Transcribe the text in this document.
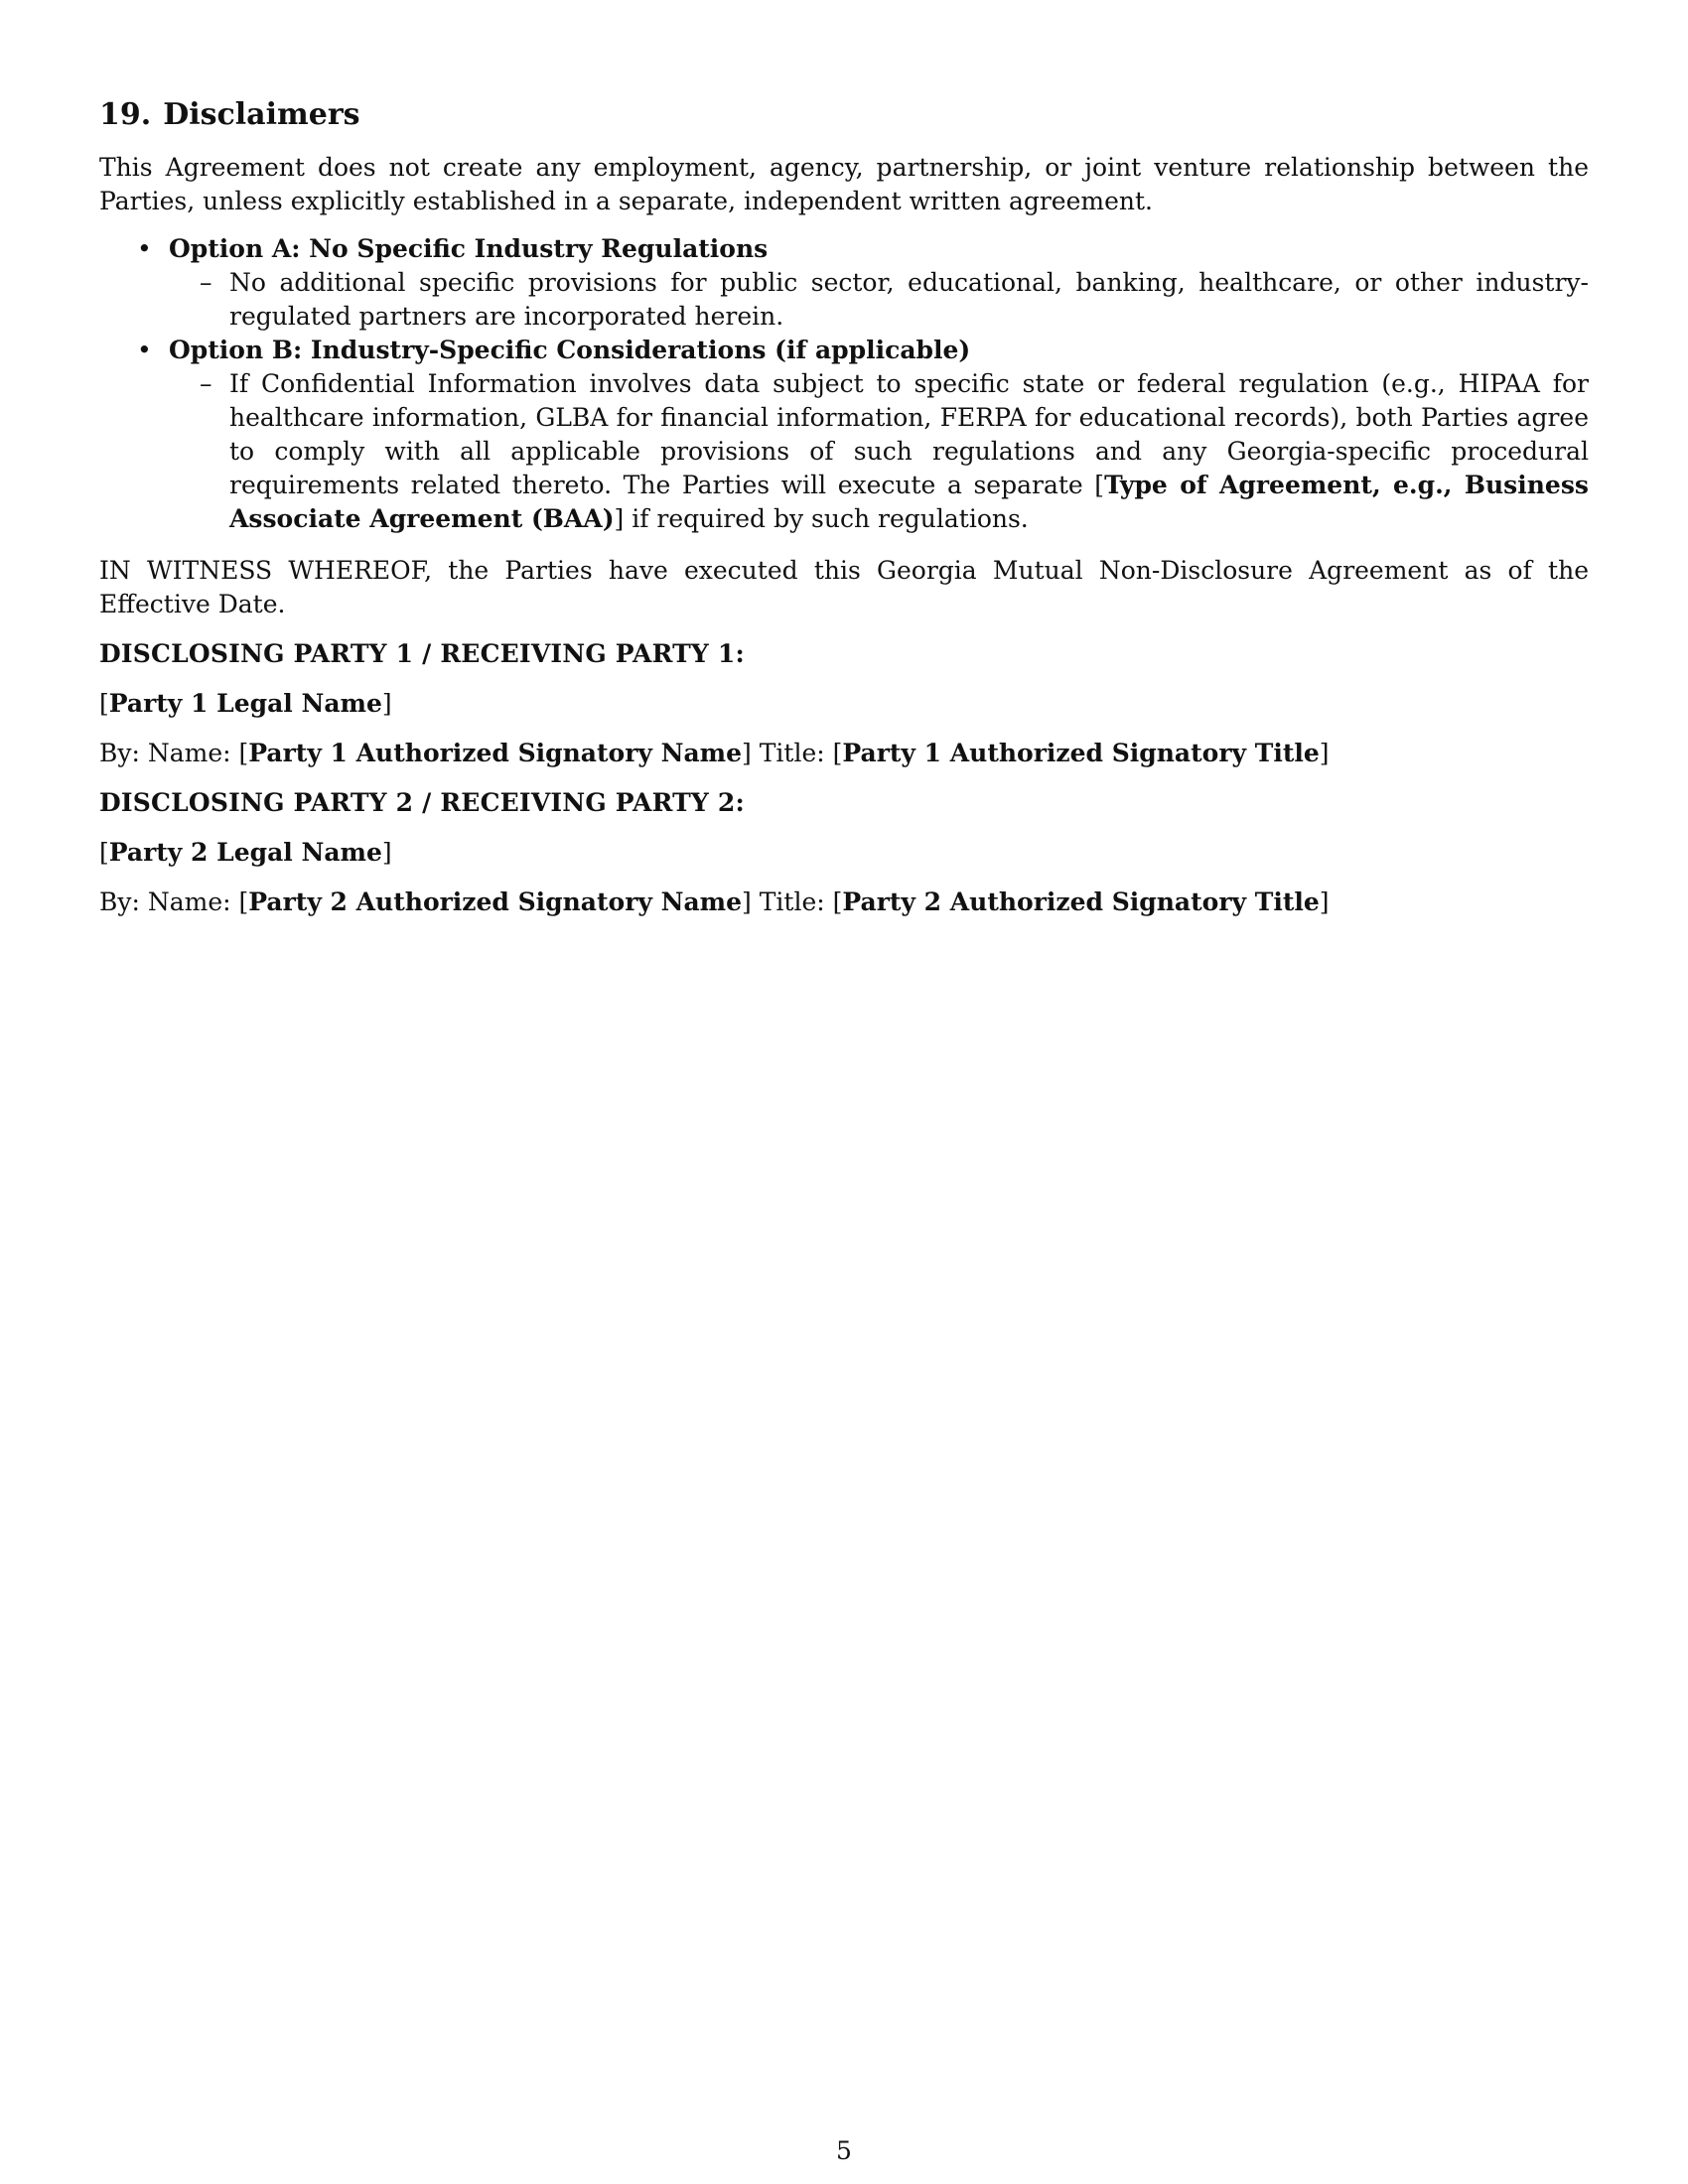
19. Disclaimers

This Agreement does not create any employment, agency, partnership, or joint venture relationship between the Parties, unless explicitly established in a separate, independent written agreement.

• Option A: No Specific Industry Regulations
– No additional specific provisions for public sector, educational, banking, healthcare, or other industry-regulated partners are incorporated herein.
• Option B: Industry-Specific Considerations (if applicable)
– If Confidential Information involves data subject to specific state or federal regulation (e.g., HIPAA for healthcare information, GLBA for financial information, FERPA for educational records), both Parties agree to comply with all applicable provisions of such regulations and any Georgia-specific procedural requirements related thereto. The Parties will execute a separate [Type of Agreement, e.g., Business Associate Agreement (BAA)] if required by such regulations.

IN WITNESS WHEREOF, the Parties have executed this Georgia Mutual Non-Disclosure Agreement as of the Effective Date.

DISCLOSING PARTY 1 / RECEIVING PARTY 1:
[Party 1 Legal Name]
By: Name: [Party 1 Authorized Signatory Name] Title: [Party 1 Authorized Signatory Title]
DISCLOSING PARTY 2 / RECEIVING PARTY 2:
[Party 2 Legal Name]
By: Name: [Party 2 Authorized Signatory Name] Title: [Party 2 Authorized Signatory Title]
5
